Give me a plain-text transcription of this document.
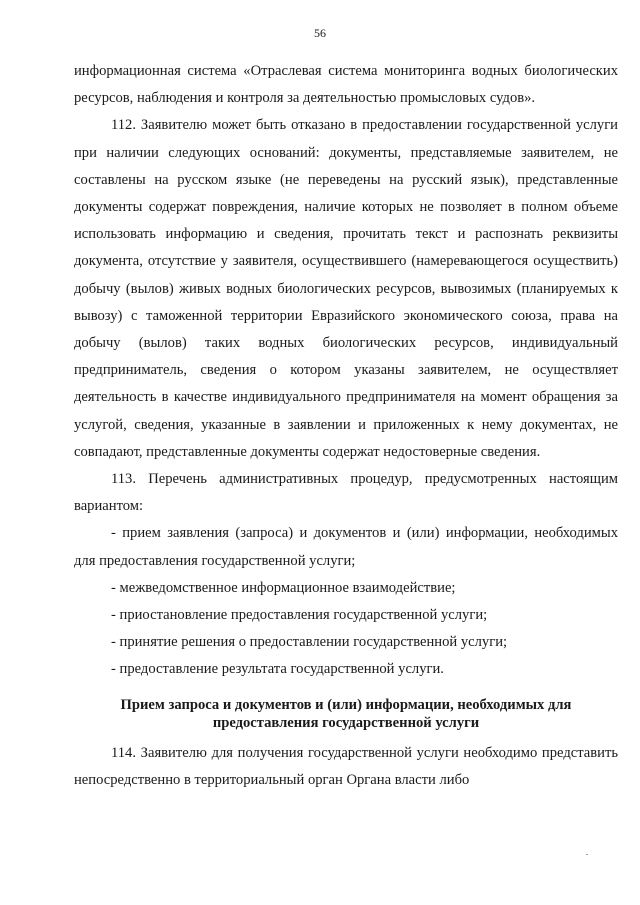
56

информационная система «Отраслевая система мониторинга водных биологических ресурсов, наблюдения и контроля за деятельностью промысловых судов».

112. Заявителю может быть отказано в предоставлении государственной услуги при наличии следующих оснований: документы, представляемые заявителем, не составлены на русском языке (не переведены на русский язык), представленные документы содержат повреждения, наличие которых не позволяет в полном объеме использовать информацию и сведения, прочитать текст и распознать реквизиты документа, отсутствие у заявителя, осуществившего (намеревающегося осуществить) добычу (вылов) живых водных биологических ресурсов, вывозимых (планируемых к вывозу) с таможенной территории Евразийского экономического союза, права на добычу (вылов) таких водных биологических ресурсов, индивидуальный предприниматель, сведения о котором указаны заявителем, не осуществляет деятельность в качестве индивидуального предпринимателя на момент обращения за услугой, сведения, указанные в заявлении и приложенных к нему документах, не совпадают, представленные документы содержат недостоверные сведения.

113. Перечень административных процедур, предусмотренных настоящим вариантом:

- прием заявления (запроса) и документов и (или) информации, необходимых для предоставления государственной услуги;

- межведомственное информационное взаимодействие;

- приостановление предоставления государственной услуги;

- принятие решения о предоставлении государственной услуги;

- предоставление результата государственной услуги.

Прием запроса и документов и (или) информации, необходимых для предоставления государственной услуги

114. Заявителю для получения государственной услуги необходимо представить непосредственно в территориальный орган Органа власти либо
